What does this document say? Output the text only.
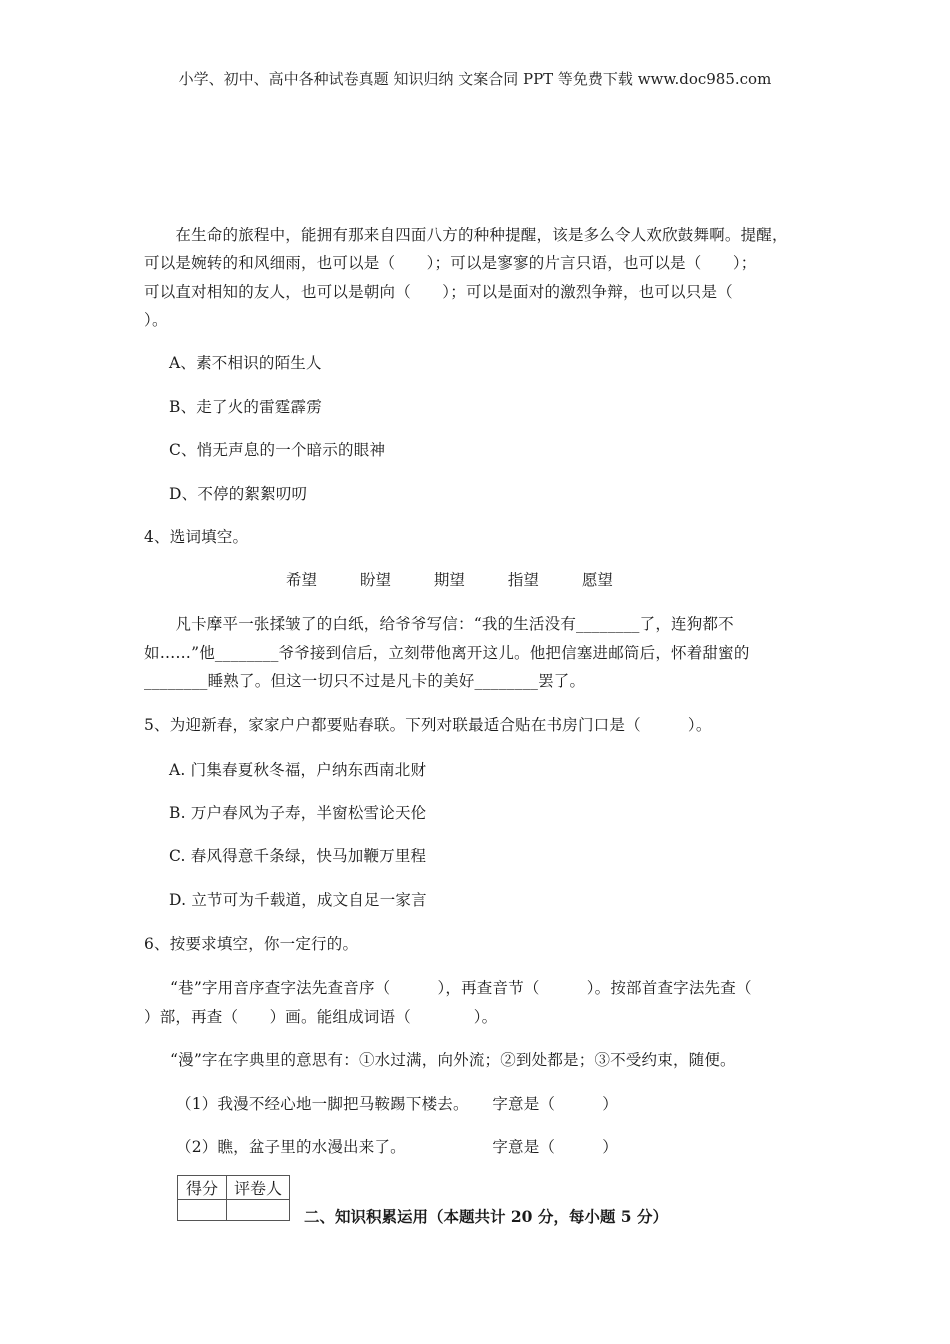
小学、初中、高中各种试卷真题 知识归纳 文案合同 PPT 等免费下载 www.doc985.com
　　在生命的旅程中，能拥有那来自四面八方的种种提醒，该是多么令人欢欣鼓舞啊。提醒，
可以是婉转的和风细雨，也可以是（　　）；可以是寥寥的片言只语，也可以是（　　）；
可以直对相知的友人，也可以是朝向（　　）；可以是面对的激烈争辩，也可以只是（
）。
A、素不相识的陌生人
B、走了火的雷霆霹雳
C、悄无声息的一个暗示的眼神
D、不停的絮絮叨叨
4、选词填空。
希望	盼望	期望	指望	愿望
　　凡卡摩平一张揉皱了的白纸，给爷爷写信：“我的生活没有________了，连狗都不
如……”他________爷爷接到信后，立刻带他离开这儿。他把信塞进邮筒后，怀着甜蜜的
________睡熟了。但这一切只不过是凡卡的美好________罢了。
5、为迎新春，家家户户都要贴春联。下列对联最适合贴在书房门口是（　　　）。
A. 门集春夏秋冬福，户纳东西南北财
B. 万户春风为子寿，半窗松雪论天伦
C. 春风得意千条绿，快马加鞭万里程
D. 立节可为千载道，成文自足一家言
6、按要求填空，你一定行的。
“巷”字用音序查字法先查音序（　　　），再查音节（　　　）。按部首查字法先查（
）部，再查（　　）画。能组成词语（　　　　）。
“漫”字在字典里的意思有：①水过满，向外流；②到处都是；③不受约束，随便。
（1）我漫不经心地一脚把马鞍踢下楼去。　　字意是（　　　）
（2）瞧，盆子里的水漫出来了。　　　　　　字意是（　　　）
得分	评卷人

二、知识积累运用（本题共计 20 分，每小题 5 分）
